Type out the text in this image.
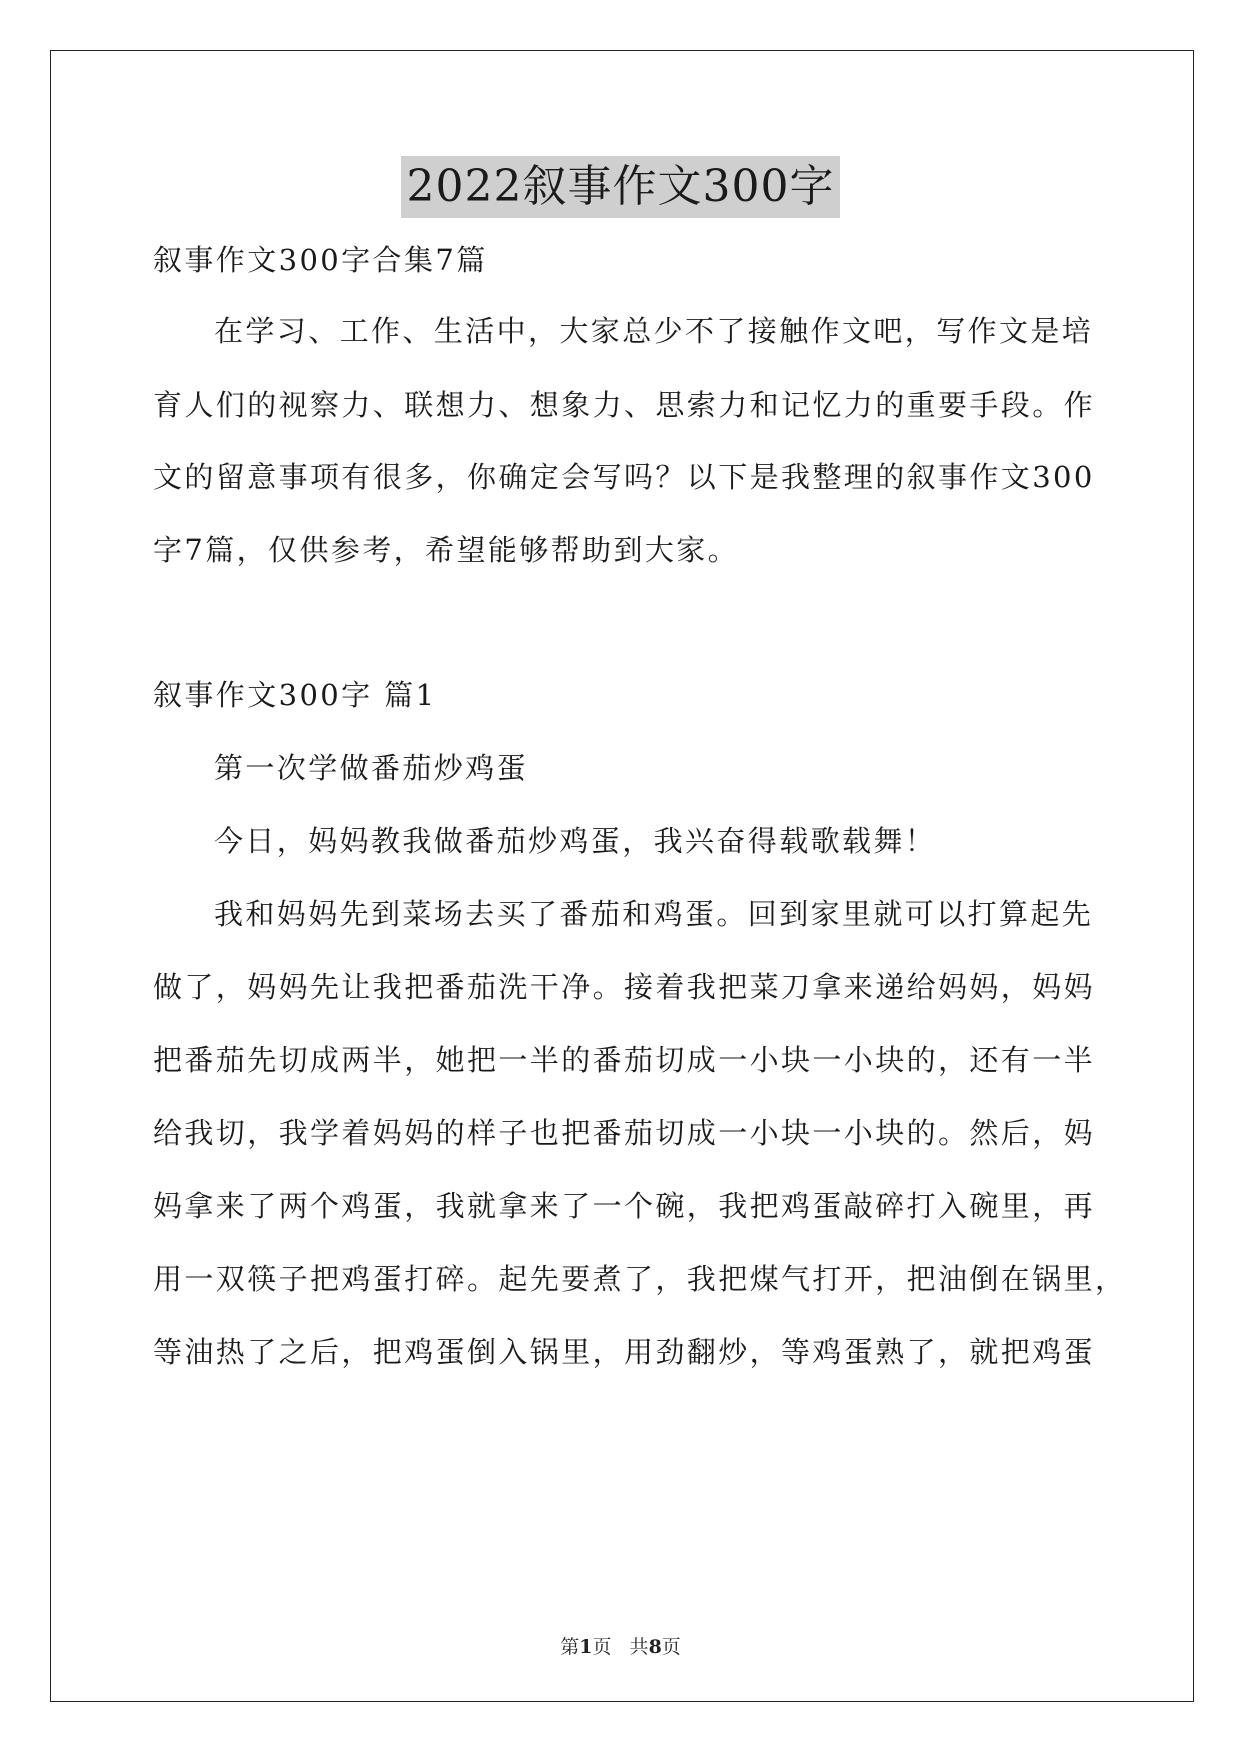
2022叙事作文300字
叙事作文300字合集7篇
在学习、工作、生活中，大家总少不了接触作文吧，写作文是培
育人们的视察力、联想力、想象力、思索力和记忆力的重要手段。作
文的留意事项有很多，你确定会写吗？以下是我整理的叙事作文300
字7篇，仅供参考，希望能够帮助到大家。
叙事作文300字 篇1
第一次学做番茄炒鸡蛋
今日，妈妈教我做番茄炒鸡蛋，我兴奋得载歌载舞！
我和妈妈先到菜场去买了番茄和鸡蛋。回到家里就可以打算起先
做了，妈妈先让我把番茄洗干净。接着我把菜刀拿来递给妈妈，妈妈
把番茄先切成两半，她把一半的番茄切成一小块一小块的，还有一半
给我切，我学着妈妈的样子也把番茄切成一小块一小块的。然后，妈
妈拿来了两个鸡蛋，我就拿来了一个碗，我把鸡蛋敲碎打入碗里，再
用一双筷子把鸡蛋打碎。起先要煮了，我把煤气打开，把油倒在锅里，
等油热了之后，把鸡蛋倒入锅里，用劲翻炒，等鸡蛋熟了，就把鸡蛋
第1页   共8页
